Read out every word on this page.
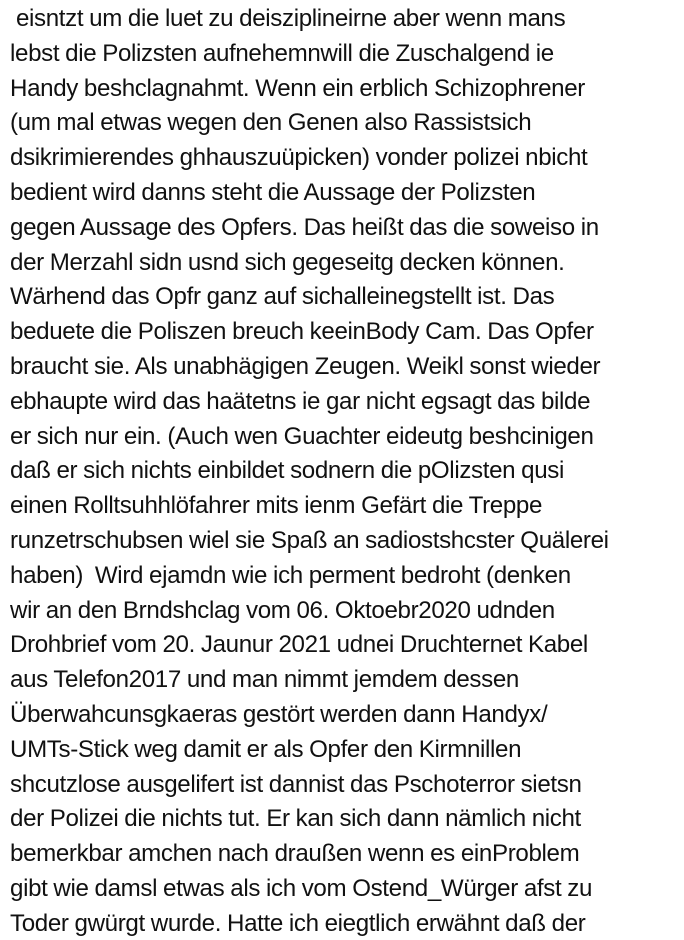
eisntzt um die luet zu deisziplineirne aber wenn mans
lebst die Polizsten aufnehemnwill die Zuschalgend ie
Handy beshclagnahmt. Wenn ein erblich Schizophrener
(um mal etwas wegen den Genen also Rassistsich
dsikrimierendes ghhauszuüpicken) vonder polizei nbicht
bedient wird danns steht die Aussage der Polizsten
gegen Aussage des Opfers. Das heißt das die soweiso in
der Merzahl sidn usnd sich gegeseitg decken können.
Wärhend das Opfr ganz auf sichalleinegstellt ist. Das
beduete die Poliszen breuch keeinBody Cam. Das Opfer
braucht sie. Als unabhägigen Zeugen. Weikl sonst wieder
ebhaupte wird das haätetns ie gar nicht egsagt das bilde
er sich nur ein. (Auch wen Guachter eideutg beshcinigen
daß er sich nichts einbildet sodnern die pOlizsten qusi
einen Rolltsuhhlöfahrer mits ienm Gefärt die Treppe
runzetrschubsen wiel sie Spaß an sadiostshcster Quälerei
haben)  Wird ejamdn wie ich perment bedroht (denken
wir an den Brndshclag vom 06. Oktoebr2020 udnden
Drohbrief vom 20. Jaunur 2021 udnei Druchternet Kabel
aus Telefon2017 und man nimmt jemdem dessen
Überwahcunsgkaeras gestört werden dann Handyx/
UMTs-Stick weg damit er als Opfer den Kirmnillen
shcutzlose ausgelifert ist dannist das Pschoterror sietsn
der Polizei die nichts tut. Er kan sich dann nämlich nicht
bemerkbar amchen nach draußen wenn es einProblem
gibt wie damsl etwas als ich vom Ostend_Würger afst zu
Toder gwürgt wurde. Hatte ich eiegtlich erwähnt daß der
